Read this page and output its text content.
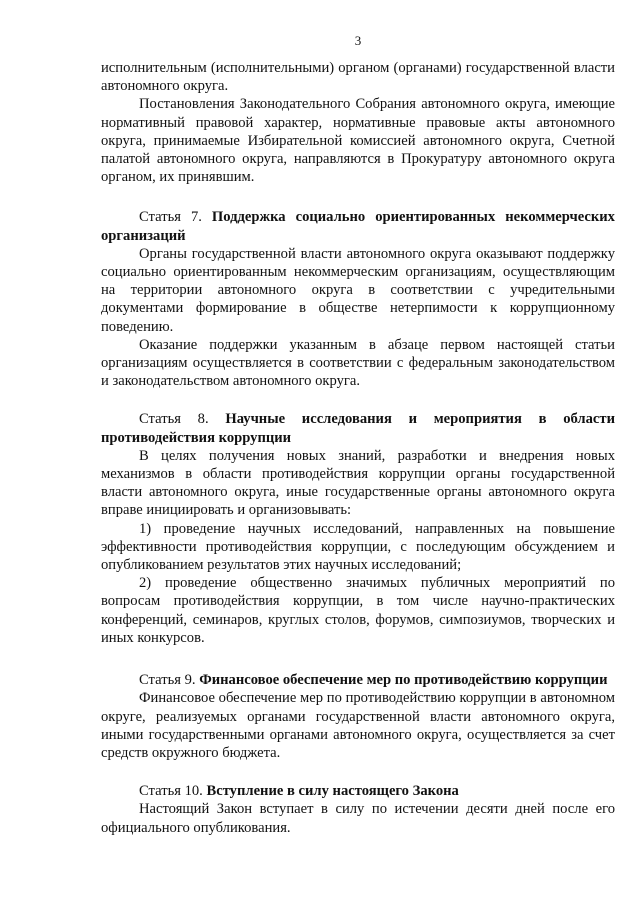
3

исполнительным (исполнительными) органом (органами) государственной власти автономного округа.

Постановления Законодательного Собрания автономного округа, имеющие нормативный правовой характер, нормативные правовые акты автономного округа, принимаемые Избирательной комиссией автономного округа, Счетной палатой автономного округа, направляются в Прокуратуру автономного округа органом, их принявшим.

Статья 7. Поддержка социально ориентированных некоммерческих организаций

Органы государственной власти автономного округа оказывают поддержку социально ориентированным некоммерческим организациям, осуществляющим на территории автономного округа в соответствии с учредительными документами формирование в обществе нетерпимости к коррупционному поведению.

Оказание поддержки указанным в абзаце первом настоящей статьи организациям осуществляется в соответствии с федеральным законодательством и законодательством автономного округа.

Статья 8. Научные исследования и мероприятия в области противодействия коррупции

В целях получения новых знаний, разработки и внедрения новых механизмов в области противодействия коррупции органы государственной власти автономного округа, иные государственные органы автономного округа вправе инициировать и организовывать:

1) проведение научных исследований, направленных на повышение эффективности противодействия коррупции, с последующим обсуждением и опубликованием результатов этих научных исследований;

2) проведение общественно значимых публичных мероприятий по вопросам противодействия коррупции, в том числе научно-практических конференций, семинаров, круглых столов, форумов, симпозиумов, творческих и иных конкурсов.

Статья 9. Финансовое обеспечение мер по противодействию коррупции

Финансовое обеспечение мер по противодействию коррупции в автономном округе, реализуемых органами государственной власти автономного округа, иными государственными органами автономного округа, осуществляется за счет средств окружного бюджета.

Статья 10. Вступление в силу настоящего Закона

Настоящий Закон вступает в силу по истечении десяти дней после его официального опубликования.
